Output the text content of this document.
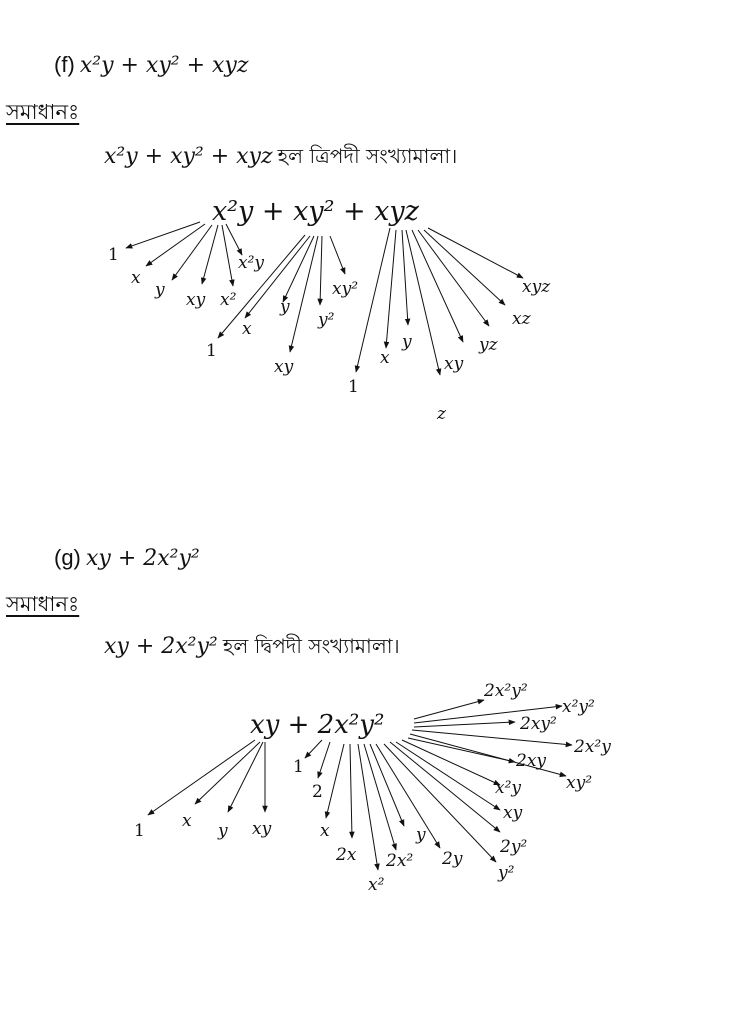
(f) x²y + xy² + xyz
সমাধানঃ
x²y + xy² + xyz হল ত্রিপদী সংখ্যামালা।
x²y + xy² + xyz
1
x
y xy x²
x²y
1
x
y
xy
y²
xy²
1
x
y
z
xy
yz
xz
xyz
xy + 2x²y²
1 x y xy
1
2
x
2x
x²
2x²
y
2y
y²
2y²
xy
x²y
2xy
xy²
2x²y
2xy²
x²y²
2x²y²
(g) xy + 2x²y²
সমাধানঃ
xy + 2x²y² হল দ্বিপদী সংখ্যামালা।
